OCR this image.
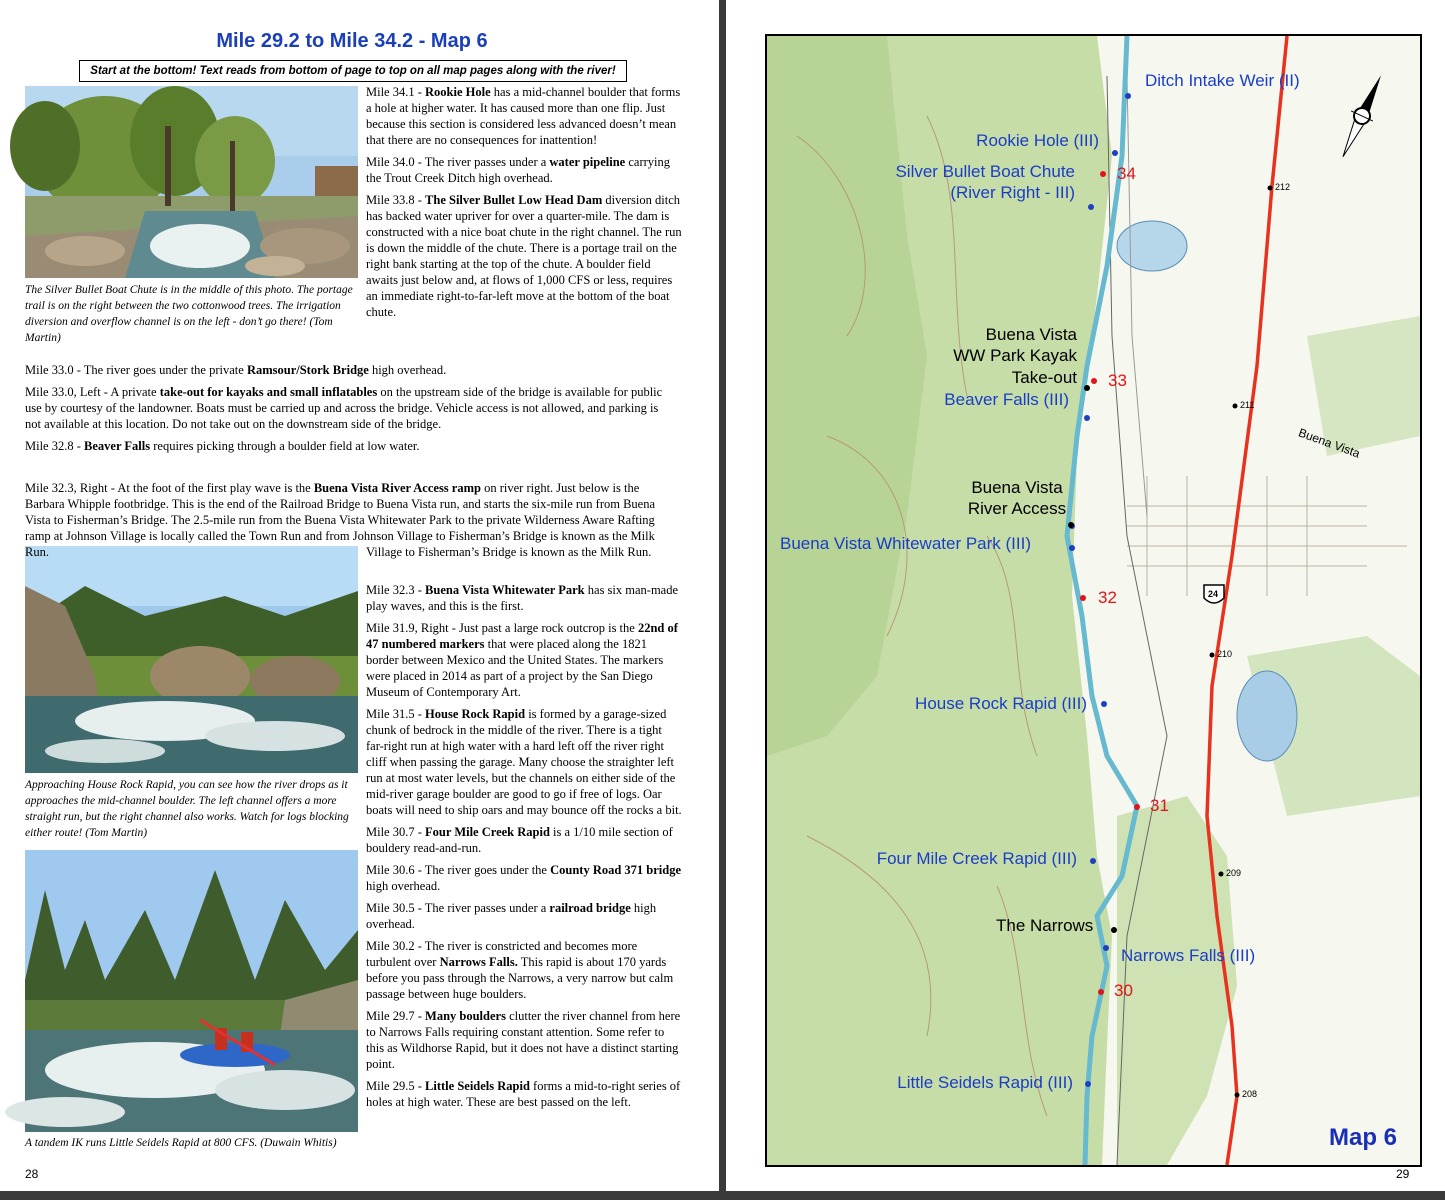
Mile 29.2 to Mile 34.2 - Map 6
Start at the bottom! Text reads from bottom of page to top on all map pages along with the river!
The Silver Bullet Boat Chute is in the middle of this photo. The portage trail is on the right between the two cottonwood trees. The irrigation diversion and overflow channel is on the left - don’t go there! (Tom Martin)
Approaching House Rock Rapid, you can see how the river drops as it approaches the mid-channel boulder. The left channel offers a more straight run, but the right channel also works. Watch for logs blocking either route! (Tom Martin)
A tandem IK runs Little Seidels Rapid at 800 CFS. (Duwain Whitis)

Mile 34.1 - Rookie Hole has a mid-channel boulder that forms a hole at higher water. It has caused more than one flip. Just because this section is considered less advanced doesn’t mean that there are no consequences for inattention!

Mile 34.0 - The river passes under a water pipeline carrying the Trout Creek Ditch high overhead.

Mile 33.8 - The Silver Bullet Low Head Dam diversion ditch has backed water upriver for over a quarter-mile. The dam is constructed with a nice boat chute in the right channel. The run is down the middle of the chute. There is a portage trail on the right bank starting at the top of the chute. A boulder field awaits just below and, at flows of 1,000 CFS or less, requires an immediate right-to-far-left move at the bottom of the boat chute.

Mile 33.0 - The river goes under the private Ramsour/Stork Bridge high overhead.

Mile 33.0, Left - A private take-out for kayaks and small inflatables on the upstream side of the bridge is available for public use by courtesy of the landowner. Boats must be carried up and across the bridge. Vehicle access is not allowed, and parking is not available at this location. Do not take out on the downstream side of the bridge.

Mile 32.8 - Beaver Falls requires picking through a boulder field at low water.

Mile 32.3, Right - At the foot of the first play wave is the Buena Vista River Access ramp on river right. Just below is the Barbara Whipple footbridge. This is the end of the Railroad Bridge to Buena Vista run, and starts the six-mile run from Buena Vista to Fisherman’s Bridge. The 2.5-mile run from the Buena Vista Whitewater Park to the private Wilderness Aware Rafting ramp at Johnson Village is locally called the Town Run and from Johnson Village to Fisherman’s Bridge is known as the Milk Run.	Village to Fisherman’s Bridge is known as the Milk Run.

Mile 32.3 - Buena Vista Whitewater Park has six man-made play waves, and this is the first.

Mile 31.9, Right - Just past a large rock outcrop is the 22nd of 47 numbered markers that were placed along the 1821 border between Mexico and the United States. The markers were placed in 2014 as part of a project by the San Diego Museum of Contemporary Art.

Mile 31.5 - House Rock Rapid is formed by a garage-sized chunk of bedrock in the middle of the river. There is a tight far-right run at high water with a hard left off the river right cliff when passing the garage. Many choose the straighter left run at most water levels, but the channels on either side of the mid-river garage boulder are good to go if free of logs. Oar boats will need to ship oars and may bounce off the rocks a bit.

Mile 30.7 - Four Mile Creek Rapid is a 1/10 mile section of bouldery read-and-run.

Mile 30.6 - The river goes under the County Road 371 bridge high overhead.

Mile 30.5 - The river passes under a railroad bridge high overhead.

Mile 30.2 - The river is constricted and becomes more turbulent over Narrows Falls. This rapid is about 170 yards before you pass through the Narrows, a very narrow but calm passage between huge boulders.

Mile 29.7 - Many boulders clutter the river channel from here to Narrows Falls requiring constant attention. Some refer to this as Wildhorse Rapid, but it does not have a distinct starting point.

Mile 29.5 - Little Seidels Rapid forms a mid-to-right series of holes at high water. These are best passed on the left.

28	29
Ditch Intake Weir (II)
Rookie Hole (III)
Silver Bullet Boat Chute
(River Right - III)
34
Buena Vista
WW Park Kayak
Take-out 33
Beaver Falls (III)
Buena Vista
River Access
Buena Vista Whitewater Park (III)
32
House Rock Rapid (III)
31
Four Mile Creek Rapid (III)
The Narrows
Narrows Falls (III)
30
Little Seidels Rapid (III)
212
211
210
209
208
24
Buena Vista
Map 6
